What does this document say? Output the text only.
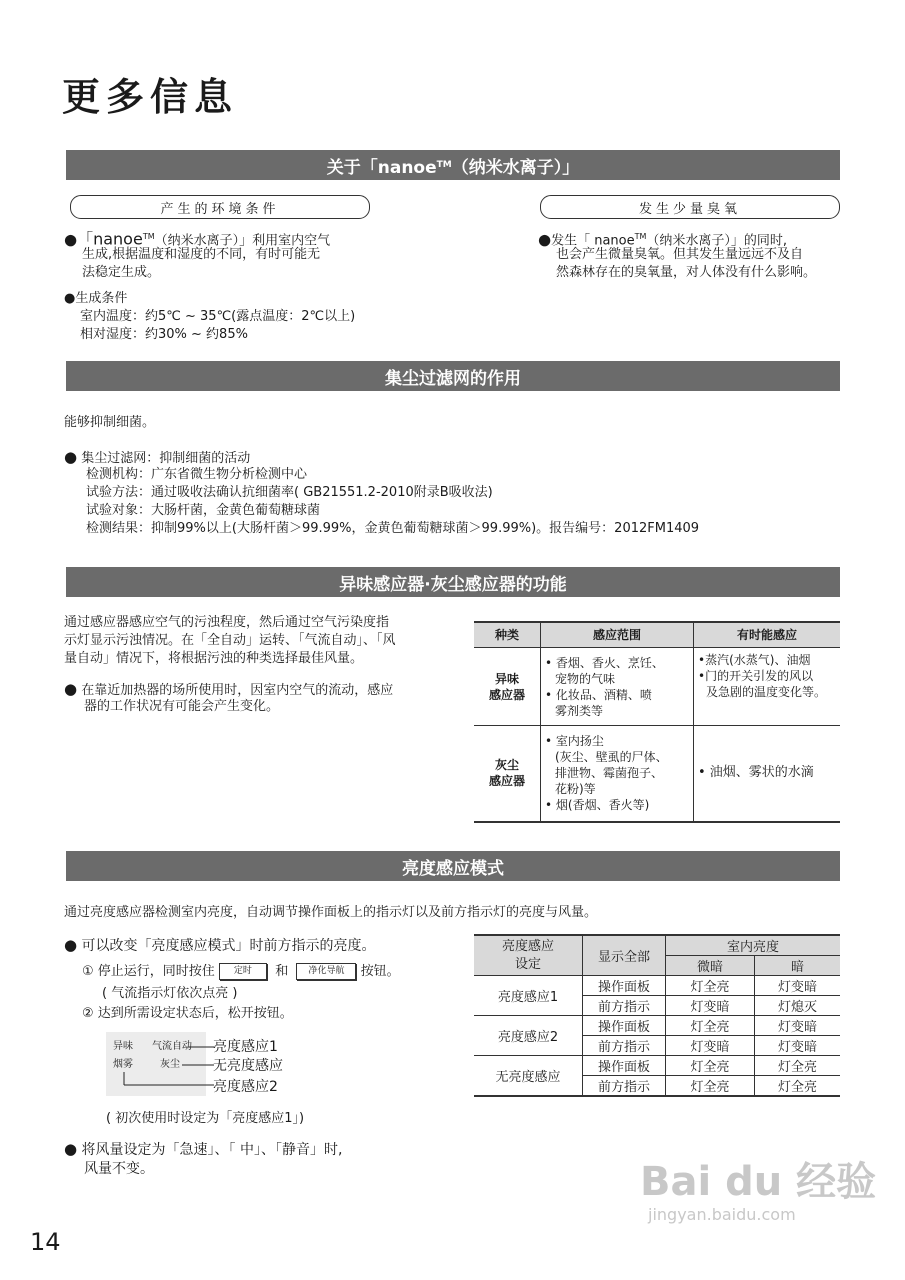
更多信息
关于「nanoe TM （纳米水离子）」
产生的环境条件	发生少量臭氧
●「nanoe™（纳米水离子）」利用室内空气
生成,根据温度和湿度的不同，有时可能无
法稳定生成。
●生成条件
室内温度：约5℃ ~ 35℃(露点温度：2℃以上)
相对湿度：约30% ~ 约85%
●发生「 nanoe™（纳米水离子）」的同时,
也会产生微量臭氧。但其发生量远远不及自
然森林存在的臭氧量，对人体没有什么影响。
集尘过滤网的作用
能够抑制细菌。
● 集尘过滤网：抑制细菌的活动
检测机构：广东省微生物分析检测中心
试验方法：通过吸收法确认抗细菌率( GB21551.2-2010附录B吸收法)
试验对象：大肠杆菌，金黄色葡萄糖球菌
检测结果：抑制99%以上(大肠杆菌＞99.99%，金黄色葡萄糖球菌＞99.99%)。报告编号：2012FM1409
异味感应器·灰尘感应器的功能
通过感应器感应空气的污浊程度，然后通过空气污染度指
示灯显示污浊情况。在「全自动」运转、「气流自动」、「风
量自动」情况下，将根据污浊的种类选择最佳风量。
● 在靠近加热器的场所使用时，因室内空气的流动，感应
器的工作状况有可能会产生变化。
种类	感应范围	有时能感应
异味
感应器	• 香烟、香火、烹饪、
宠物的气味
• 化妆品、酒精、喷
雾剂类等	•蒸汽(水蒸气)、油烟
•门的开关引发的风以
及急剧的温度变化等。
灰尘
感应器	• 室内扬尘
(灰尘、壁虱的尸体、
排泄物、霉菌孢子、
花粉)等
• 烟(香烟、香火等)	• 油烟、雾状的水滴
亮度感应模式
通过亮度感应器检测室内亮度，自动调节操作面板上的指示灯以及前方指示灯的亮度与风量。
● 可以改变「亮度感应模式」时前方指示的亮度。
① 停止运行，同时按住 定时 和 净化导航 按钮。
( 气流指示灯依次点亮 )
② 达到所需设定状态后，松开按钮。
异味
烟雾
气流自动
灰尘
亮度感应1
无亮度感应
亮度感应2
( 初次使用时设定为「亮度感应1」)
● 将风量设定为「急速」、「 中」、「静音」时,
风量不变。
亮度感应
设定	显示全部	室内亮度	
		微暗	暗
亮度感应1	操作面板	灯全亮	灯变暗
	前方指示	灯变暗	灯熄灭
亮度感应2	操作面板	灯全亮	灯变暗
	前方指示	灯变暗	灯变暗
无亮度感应	操作面板	灯全亮	灯全亮
	前方指示	灯全亮	灯全亮
14
Bai du 经验
jingyan.baidu.com
